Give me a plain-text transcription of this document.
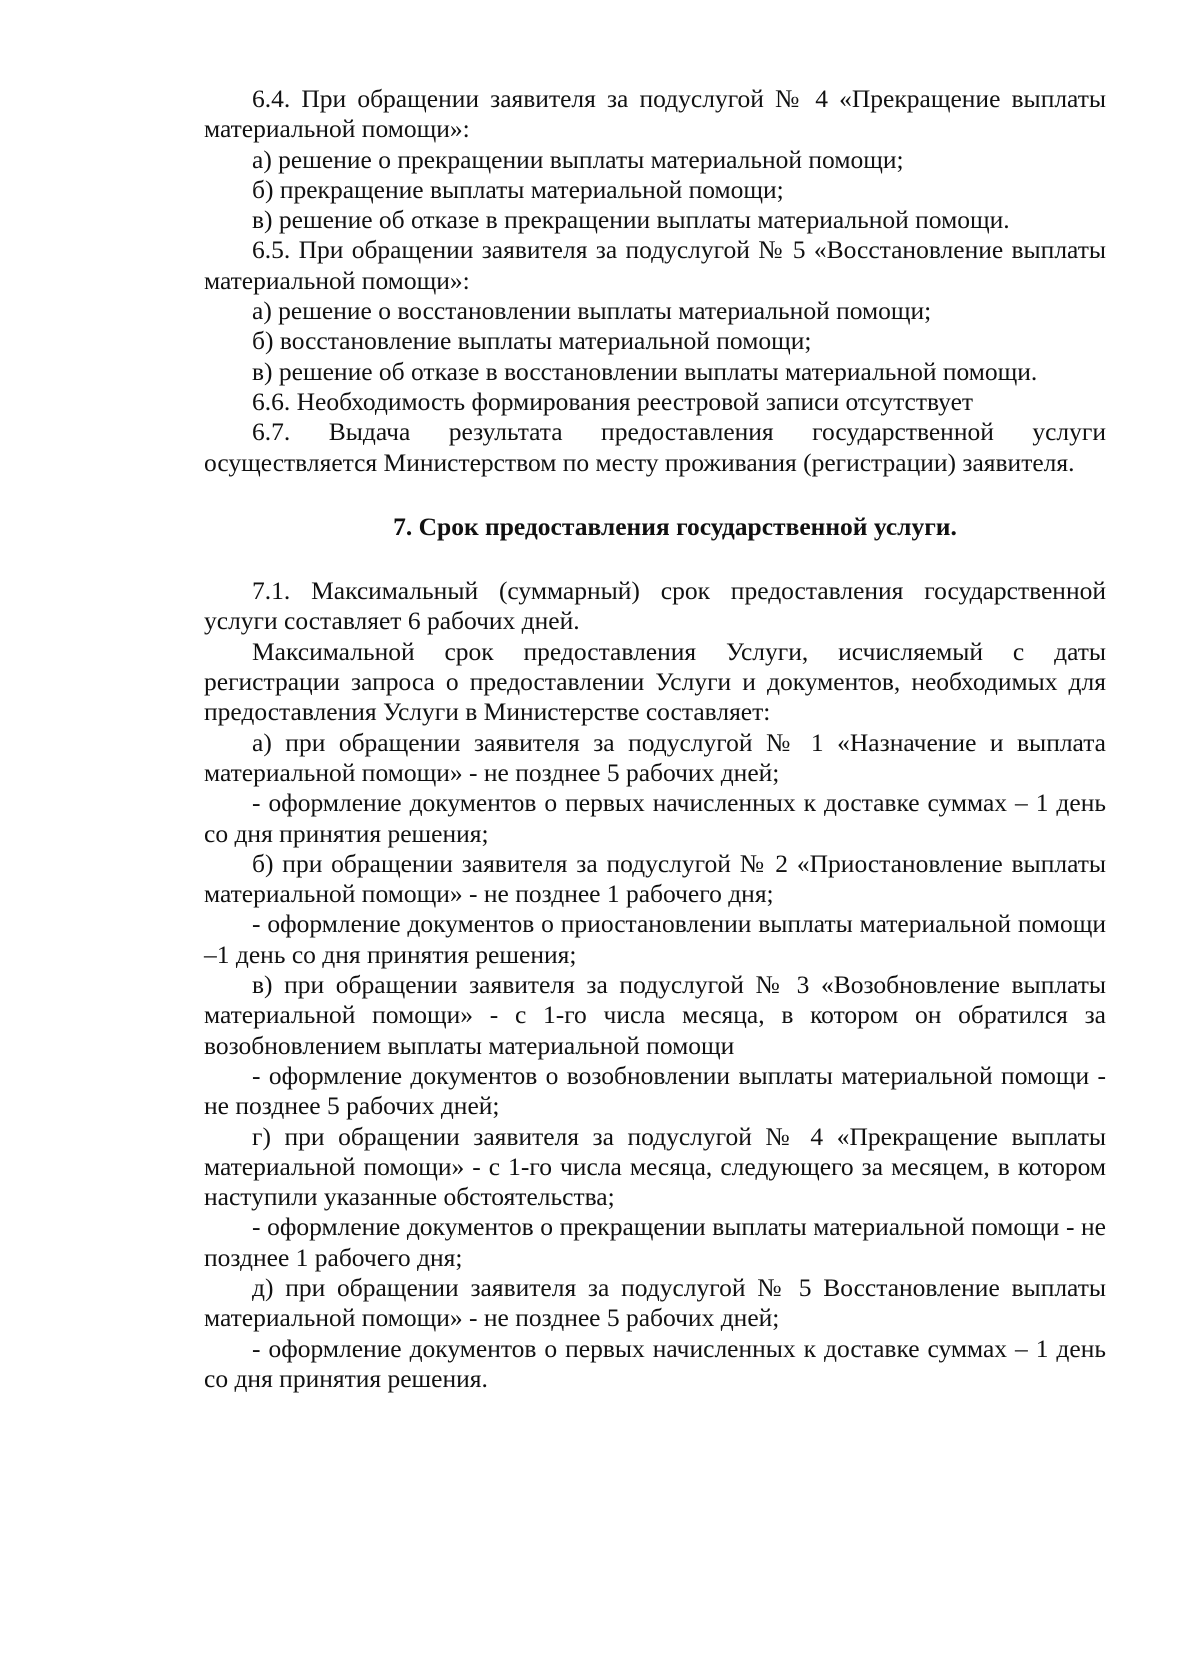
6.4. При обращении заявителя за подуслугой № 4 «Прекращение выплаты материальной помощи»:

а) решение о прекращении выплаты материальной помощи;

б) прекращение выплаты материальной помощи;

в) решение об отказе в прекращении выплаты материальной помощи.

6.5. При обращении заявителя за подуслугой № 5 «Восстановление выплаты материальной помощи»:

а) решение о восстановлении выплаты материальной помощи;

б) восстановление выплаты материальной помощи;

в) решение об отказе в восстановлении выплаты материальной помощи.

6.6. Необходимость формирования реестровой записи отсутствует

6.7. Выдача результата предоставления государственной услуги осуществляется Министерством по месту проживания (регистрации) заявителя.

7. Срок предоставления государственной услуги.

7.1. Максимальный (суммарный) срок предоставления государственной услуги составляет 6 рабочих дней.

Максимальной срок предоставления Услуги, исчисляемый с даты регистрации запроса о предоставлении Услуги и документов, необходимых для предоставления Услуги в Министерстве составляет:

а) при обращении заявителя за подуслугой № 1 «Назначение и выплата материальной помощи» - не позднее 5 рабочих дней;

- оформление документов о первых начисленных к доставке суммах – 1 день со дня принятия решения;

б) при обращении заявителя за подуслугой № 2 «Приостановление выплаты материальной помощи» - не позднее 1 рабочего дня;

- оформление документов о приостановлении выплаты материальной помощи –1 день со дня принятия решения;

в) при обращении заявителя за подуслугой № 3 «Возобновление выплаты материальной помощи» - с 1-го числа месяца, в котором он обратился за возобновлением выплаты материальной помощи

- оформление документов о возобновлении выплаты материальной помощи - не позднее 5 рабочих дней;

г) при обращении заявителя за подуслугой № 4 «Прекращение выплаты материальной помощи» - с 1-го числа месяца, следующего за месяцем, в котором наступили указанные обстоятельства;

- оформление документов о прекращении выплаты материальной помощи - не позднее 1 рабочего дня;

д) при обращении заявителя за подуслугой № 5 Восстановление выплаты материальной помощи» - не позднее 5 рабочих дней;

- оформление документов о первых начисленных к доставке суммах – 1 день со дня принятия решения.
